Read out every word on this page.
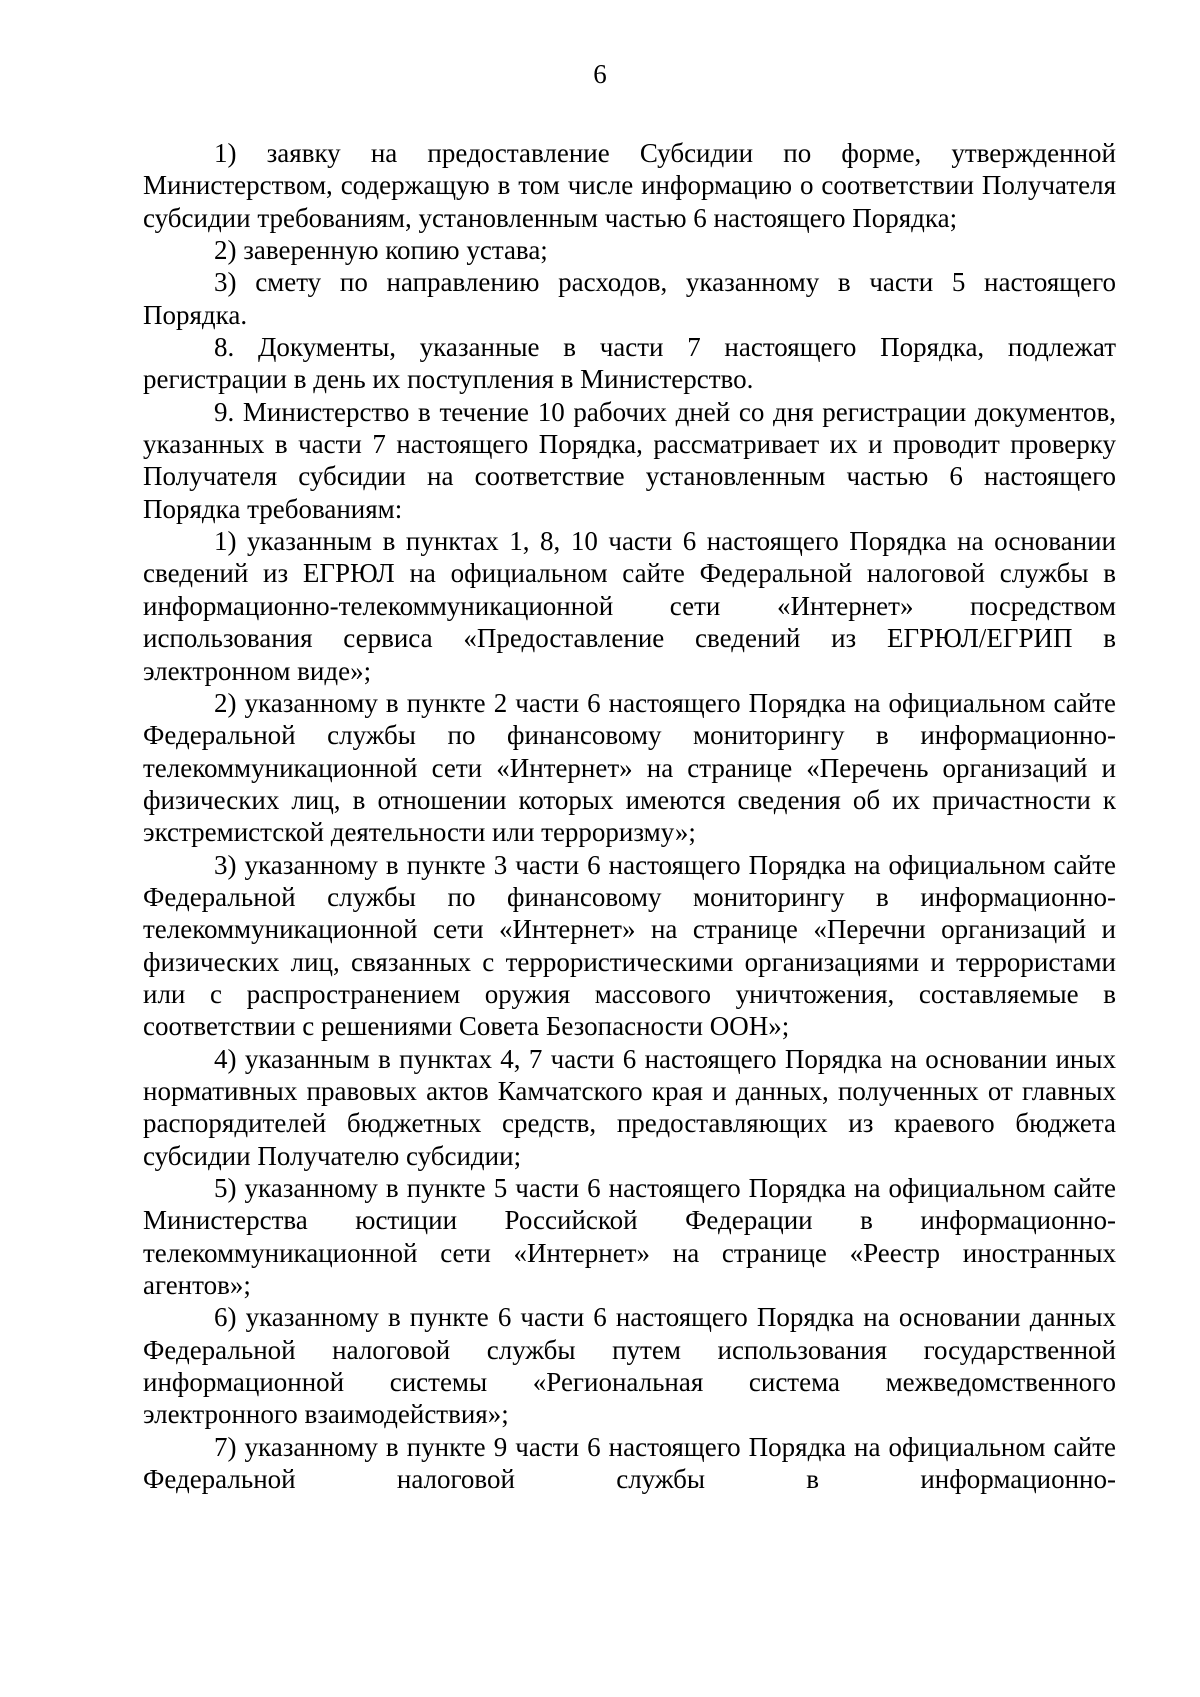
6

1) заявку на предоставление Субсидии по форме, утвержденной Министерством, содержащую в том числе информацию о соответствии Получателя субсидии требованиям, установленным частью 6 настоящего Порядка;

2) заверенную копию устава;

3) смету по направлению расходов, указанному в части 5 настоящего Порядка.

8. Документы, указанные в части 7 настоящего Порядка, подлежат регистрации в день их поступления в Министерство.

9. Министерство в течение 10 рабочих дней со дня регистрации документов, указанных в части 7 настоящего Порядка, рассматривает их и проводит проверку Получателя субсидии на соответствие установленным частью 6 настоящего Порядка требованиям:

1) указанным в пунктах 1, 8, 10 части 6 настоящего Порядка на основании сведений из ЕГРЮЛ на официальном сайте Федеральной налоговой службы в информационно-телекоммуникационной сети «Интернет» посредством использования сервиса «Предоставление сведений из ЕГРЮЛ/ЕГРИП в электронном виде»;

2) указанному в пункте 2 части 6 настоящего Порядка на официальном сайте Федеральной службы по финансовому мониторингу в информационно-телекоммуникационной сети «Интернет» на странице «Перечень организаций и физических лиц, в отношении которых имеются сведения об их причастности к экстремистской деятельности или терроризму»;

3) указанному в пункте 3 части 6 настоящего Порядка на официальном сайте Федеральной службы по финансовому мониторингу в информационно-телекоммуникационной сети «Интернет» на странице «Перечни организаций и физических лиц, связанных с террористическими организациями и террористами или с распространением оружия массового уничтожения, составляемые в соответствии с решениями Совета Безопасности ООН»;

4) указанным в пунктах 4, 7 части 6 настоящего Порядка на основании иных нормативных правовых актов Камчатского края и данных, полученных от главных распорядителей бюджетных средств, предоставляющих из краевого бюджета субсидии Получателю субсидии;

5) указанному в пункте 5 части 6 настоящего Порядка на официальном сайте Министерства юстиции Российской Федерации в информационно-телекоммуникационной сети «Интернет» на странице «Реестр иностранных агентов»;

6) указанному в пункте 6 части 6 настоящего Порядка на основании данных Федеральной налоговой службы путем использования государственной информационной системы «Региональная система межведомственного электронного взаимодействия»;

7) указанному в пункте 9 части 6 настоящего Порядка на официальном сайте Федеральной налоговой службы в информационно-
